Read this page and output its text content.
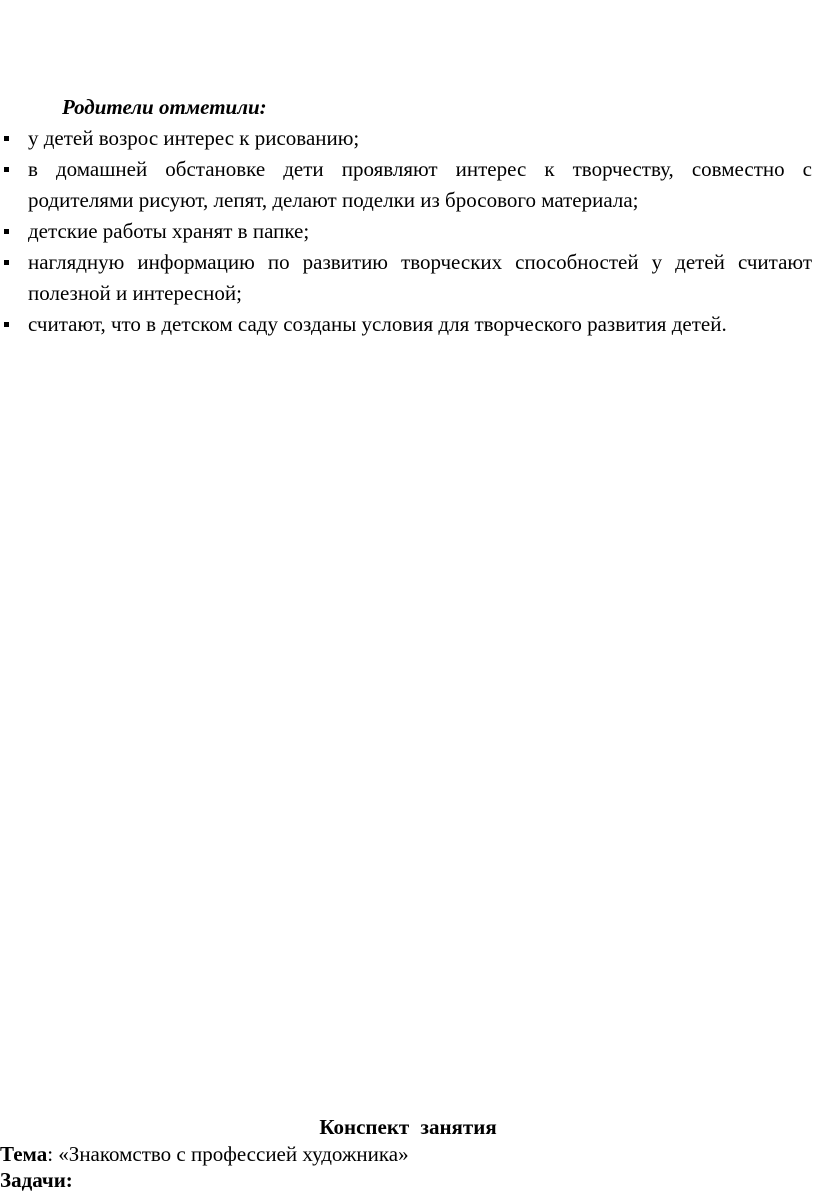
Родители отметили:
у детей возрос интерес к рисованию;
в домашней обстановке дети проявляют интерес к творчеству, совместно с
родителями рисуют, лепят, делают поделки из бросового материала;
детские работы хранят в папке;
наглядную информацию по развитию творческих способностей у детей считают
полезной и интересной;
считают, что в детском саду созданы условия для творческого развития детей.
Конспект занятия
Тема: «Знакомство с профессией художника»
Задачи:
